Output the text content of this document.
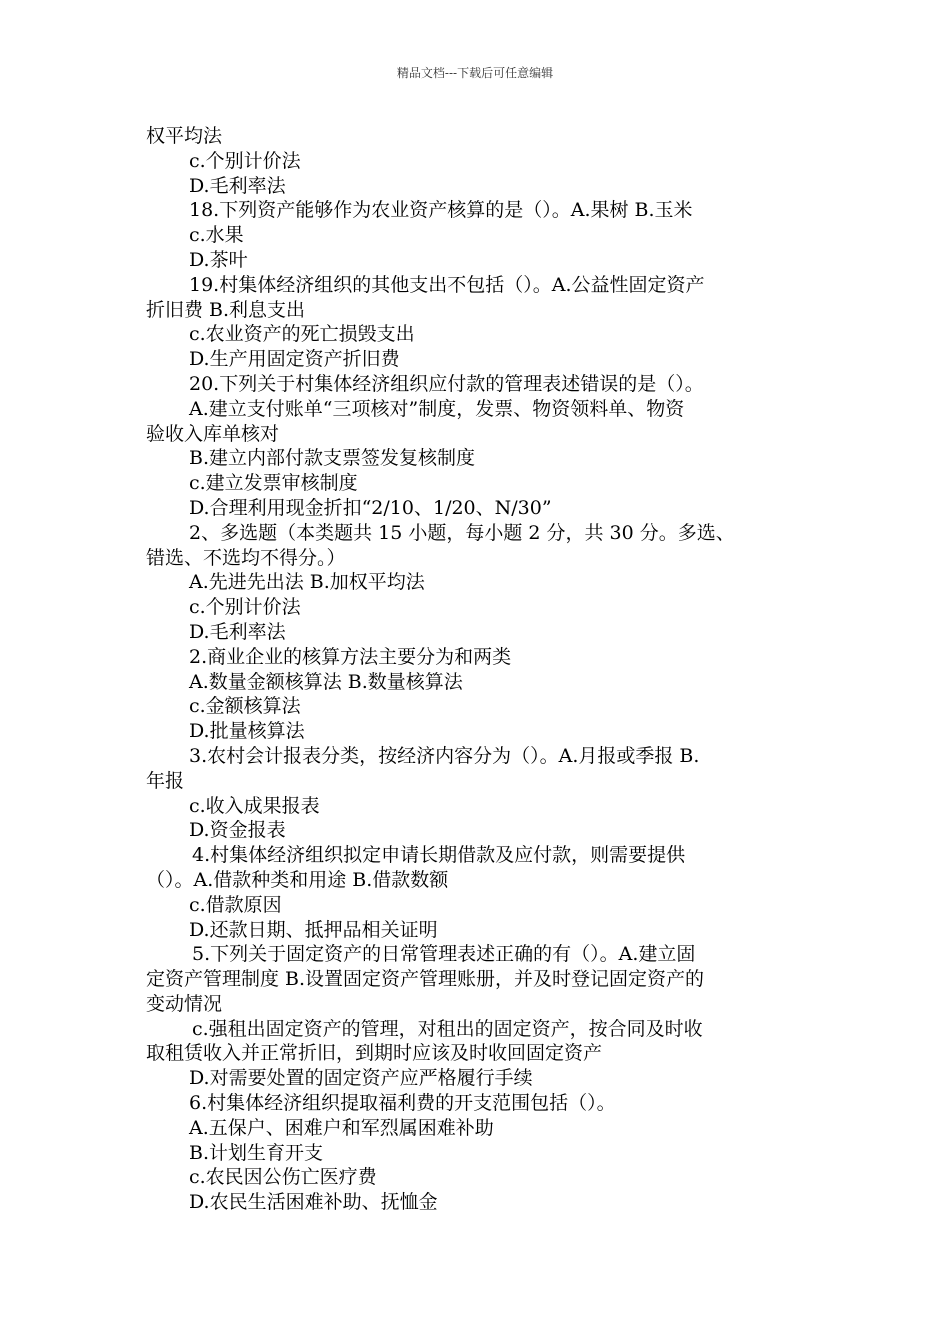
精品文档---下载后可任意编辑
权平均法
c.个别计价法
D.毛利率法
18.下列资产能够作为农业资产核算的是（）。A.果树 B.玉米
c.水果
D.茶叶
19.村集体经济组织的其他支出不包括（）。A.公益性固定资产
折旧费 B.利息支出
c.农业资产的死亡损毁支出
D.生产用固定资产折旧费
20.下列关于村集体经济组织应付款的管理表述错误的是（）。
A.建立支付账单“三项核对”制度，发票、物资领料单、物资
验收入库单核对
B.建立内部付款支票签发复核制度
c.建立发票审核制度
D.合理利用现金折扣“2/10、1/20、N/30”
2、多选题（本类题共 15 小题，每小题 2 分，共 30 分。多选、
错选、不选均不得分。）
A.先进先出法 B.加权平均法
c.个别计价法
D.毛利率法
2.商业企业的核算方法主要分为和两类
A.数量金额核算法 B.数量核算法
c.金额核算法
D.批量核算法
3.农村会计报表分类，按经济内容分为（）。A.月报或季报 B.
年报
c.收入成果报表
D.资金报表
4.村集体经济组织拟定申请长期借款及应付款，则需要提供
（）。A.借款种类和用途 B.借款数额
c.借款原因
D.还款日期、抵押品相关证明
5.下列关于固定资产的日常管理表述正确的有（）。A.建立固
定资产管理制度 B.设置固定资产管理账册，并及时登记固定资产的
变动情况
c.强租出固定资产的管理，对租出的固定资产，按合同及时收
取租赁收入并正常折旧，到期时应该及时收回固定资产
D.对需要处置的固定资产应严格履行手续
6.村集体经济组织提取福利费的开支范围包括（）。
A.五保户、困难户和军烈属困难补助
B.计划生育开支
c.农民因公伤亡医疗费
D.农民生活困难补助、抚恤金
